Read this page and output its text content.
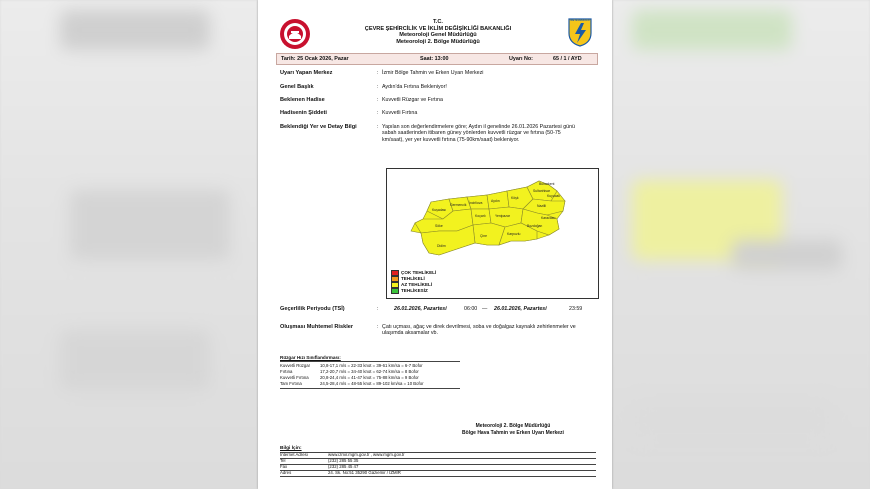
METEOROLOJİ
T.C.
ÇEVRE ŞEHİRCİLİK VE İKLİM DEĞİŞİKLİĞİ BAKANLIĞI
Meteoroloji Genel Müdürlüğü
Meteoroloji 2. Bölge Müdürlüğü
Tarih: 25 Ocak 2026, Pazar	Saat: 13:00	Uyarı No:	65 / 1 / AYD
Uyarı Yapan Merkez	: İzmir Bölge Tahmin ve Erken Uyarı Merkezi
Genel Başlık	: Aydın'da Fırtına Bekleniyor!
Beklenen Hadise	: Kuvvetli Rüzgar ve Fırtına
Hadisenin Şiddeti	: Kuvvetli Fırtına
Beklendiği Yer ve Detay Bilgi	: Yapılan son değerlendirmelere göre; Aydın il genelinde 26.01.2026 Pazartesi günü sabah saatlerinden itibaren güney yönlerden kuvvetli rüzgar ve fırtına (50-75 km/saat), yer yer kuvvetli fırtına (75-90km/saat) bekleniyor.
Kuşadası
Germencik İncirliova	Aydın
Köşk
Sultanhisar
Nazilli
Kuyucak
Buharkent
Söke
Çine
Koçarlı
Karpuzlu
Bozdoğan
Karacasu
Yenipazar
Didim
ÇOK TEHLİKELİ
TEHLİKELİ
AZ TEHLİKELİ
TEHLİKESİZ
Geçerlilik Periyodu (TSİ)	:	26.01.2026, Pazartesi	06:00 — 26.01.2026, Pazartesi	23:59
Oluşması Muhtemel Riskler	: Çatı uçması, ağaç ve direk devrilmesi, soba ve doğalgaz kaynaklı zehirlenmeler ve ulaşımda aksamalar vb.
Rüzgar Hızı Sınıflandırması:
Kuvvetli Rüzgar 10,8-17,1 m/s = 22-33 knot = 39-61 km/sa = 6-7 Bofor
Fırtına	17,2-20,7 m/s = 34-40 knot = 62-74 km/sa = 8 Bofor
Kuvvetli Fırtına	20,8-24,4 m/s = 41-47 knot = 75-88 km/sa = 9 Bofor
Tam Fırtına	24,5-28,4 m/s = 48-55 knot = 89-102 km/sa = 10 Bofor
Meteoroloji 2. Bölge Müdürlüğü
Bölge Hava Tahmin ve Erken Uyarı Merkezi
Bilgi İçin:
İnternet Adresi	www.izmir.mgm.gov.tr , www.mgm.gov.tr
Tel	(232) 285 55 35
Fax	(232) 285 45 47
Adres	24. Sk. No:51 35290 Gaziemir / İZMİR
